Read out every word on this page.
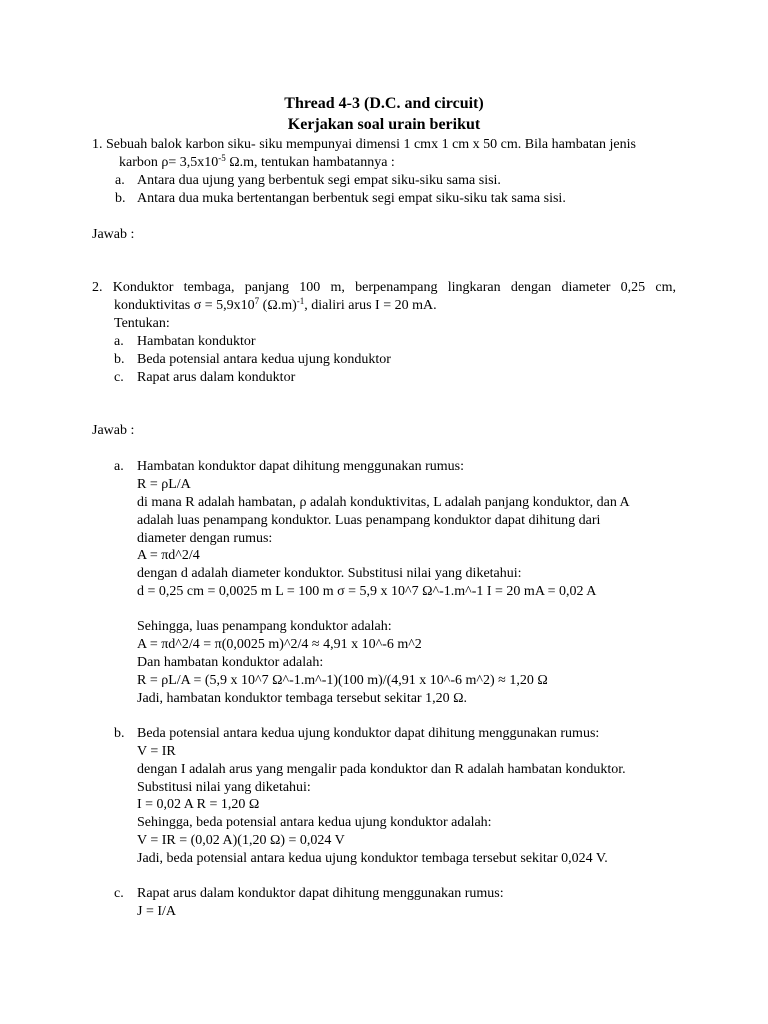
Thread 4-3 (D.C. and circuit)
Kerjakan soal urain berikut
1. Sebuah balok karbon siku- siku mempunyai dimensi 1 cmx 1 cm x 50 cm. Bila hambatan jenis
karbon $\rho= 3,5x10^{-5}$ Ω.m, tentukan hambatannya :
a. Antara dua ujung yang berbentuk segi empat siku-siku sama sisi.
b. Antara dua muka bertentangan berbentuk segi empat siku-siku tak sama sisi.
Jawab :
2. Konduktor tembaga, panjang 100 m, berpenampang lingkaran dengan diameter 0,25 cm,
konduktivitas $\sigma = 5,9x10^7$ $(\Omega.m)^{-1}$, dialiri arus I = 20 mA.
Tentukan:
a. Hambatan konduktor
b. Beda potensial antara kedua ujung konduktor
c. Rapat arus dalam konduktor
Jawab :
a. Hambatan konduktor dapat dihitung menggunakan rumus:
R = ρL/A
di mana R adalah hambatan, ρ adalah konduktivitas, L adalah panjang konduktor, dan A
adalah luas penampang konduktor. Luas penampang konduktor dapat dihitung dari
diameter dengan rumus:
A = πd^2/4
dengan d adalah diameter konduktor. Substitusi nilai yang diketahui:
d = 0,25 cm = 0,0025 m L = 100 m σ = 5,9 x 10^7 Ω^-1.m^-1 I = 20 mA = 0,02 A
Sehingga, luas penampang konduktor adalah:
A = πd^2/4 = π(0,0025 m)^2/4 ≈ 4,91 x 10^-6 m^2
Dan hambatan konduktor adalah:
R = ρL/A = (5,9 x 10^7 Ω^-1.m^-1)(100 m)/(4,91 x 10^-6 m^2) ≈ 1,20 Ω
Jadi, hambatan konduktor tembaga tersebut sekitar 1,20 Ω.
b. Beda potensial antara kedua ujung konduktor dapat dihitung menggunakan rumus:
V = IR
dengan I adalah arus yang mengalir pada konduktor dan R adalah hambatan konduktor.
Substitusi nilai yang diketahui:
I = 0,02 A R = 1,20 Ω
Sehingga, beda potensial antara kedua ujung konduktor adalah:
V = IR = (0,02 A)(1,20 Ω) = 0,024 V
Jadi, beda potensial antara kedua ujung konduktor tembaga tersebut sekitar 0,024 V.
c. Rapat arus dalam konduktor dapat dihitung menggunakan rumus:
J = I/A
